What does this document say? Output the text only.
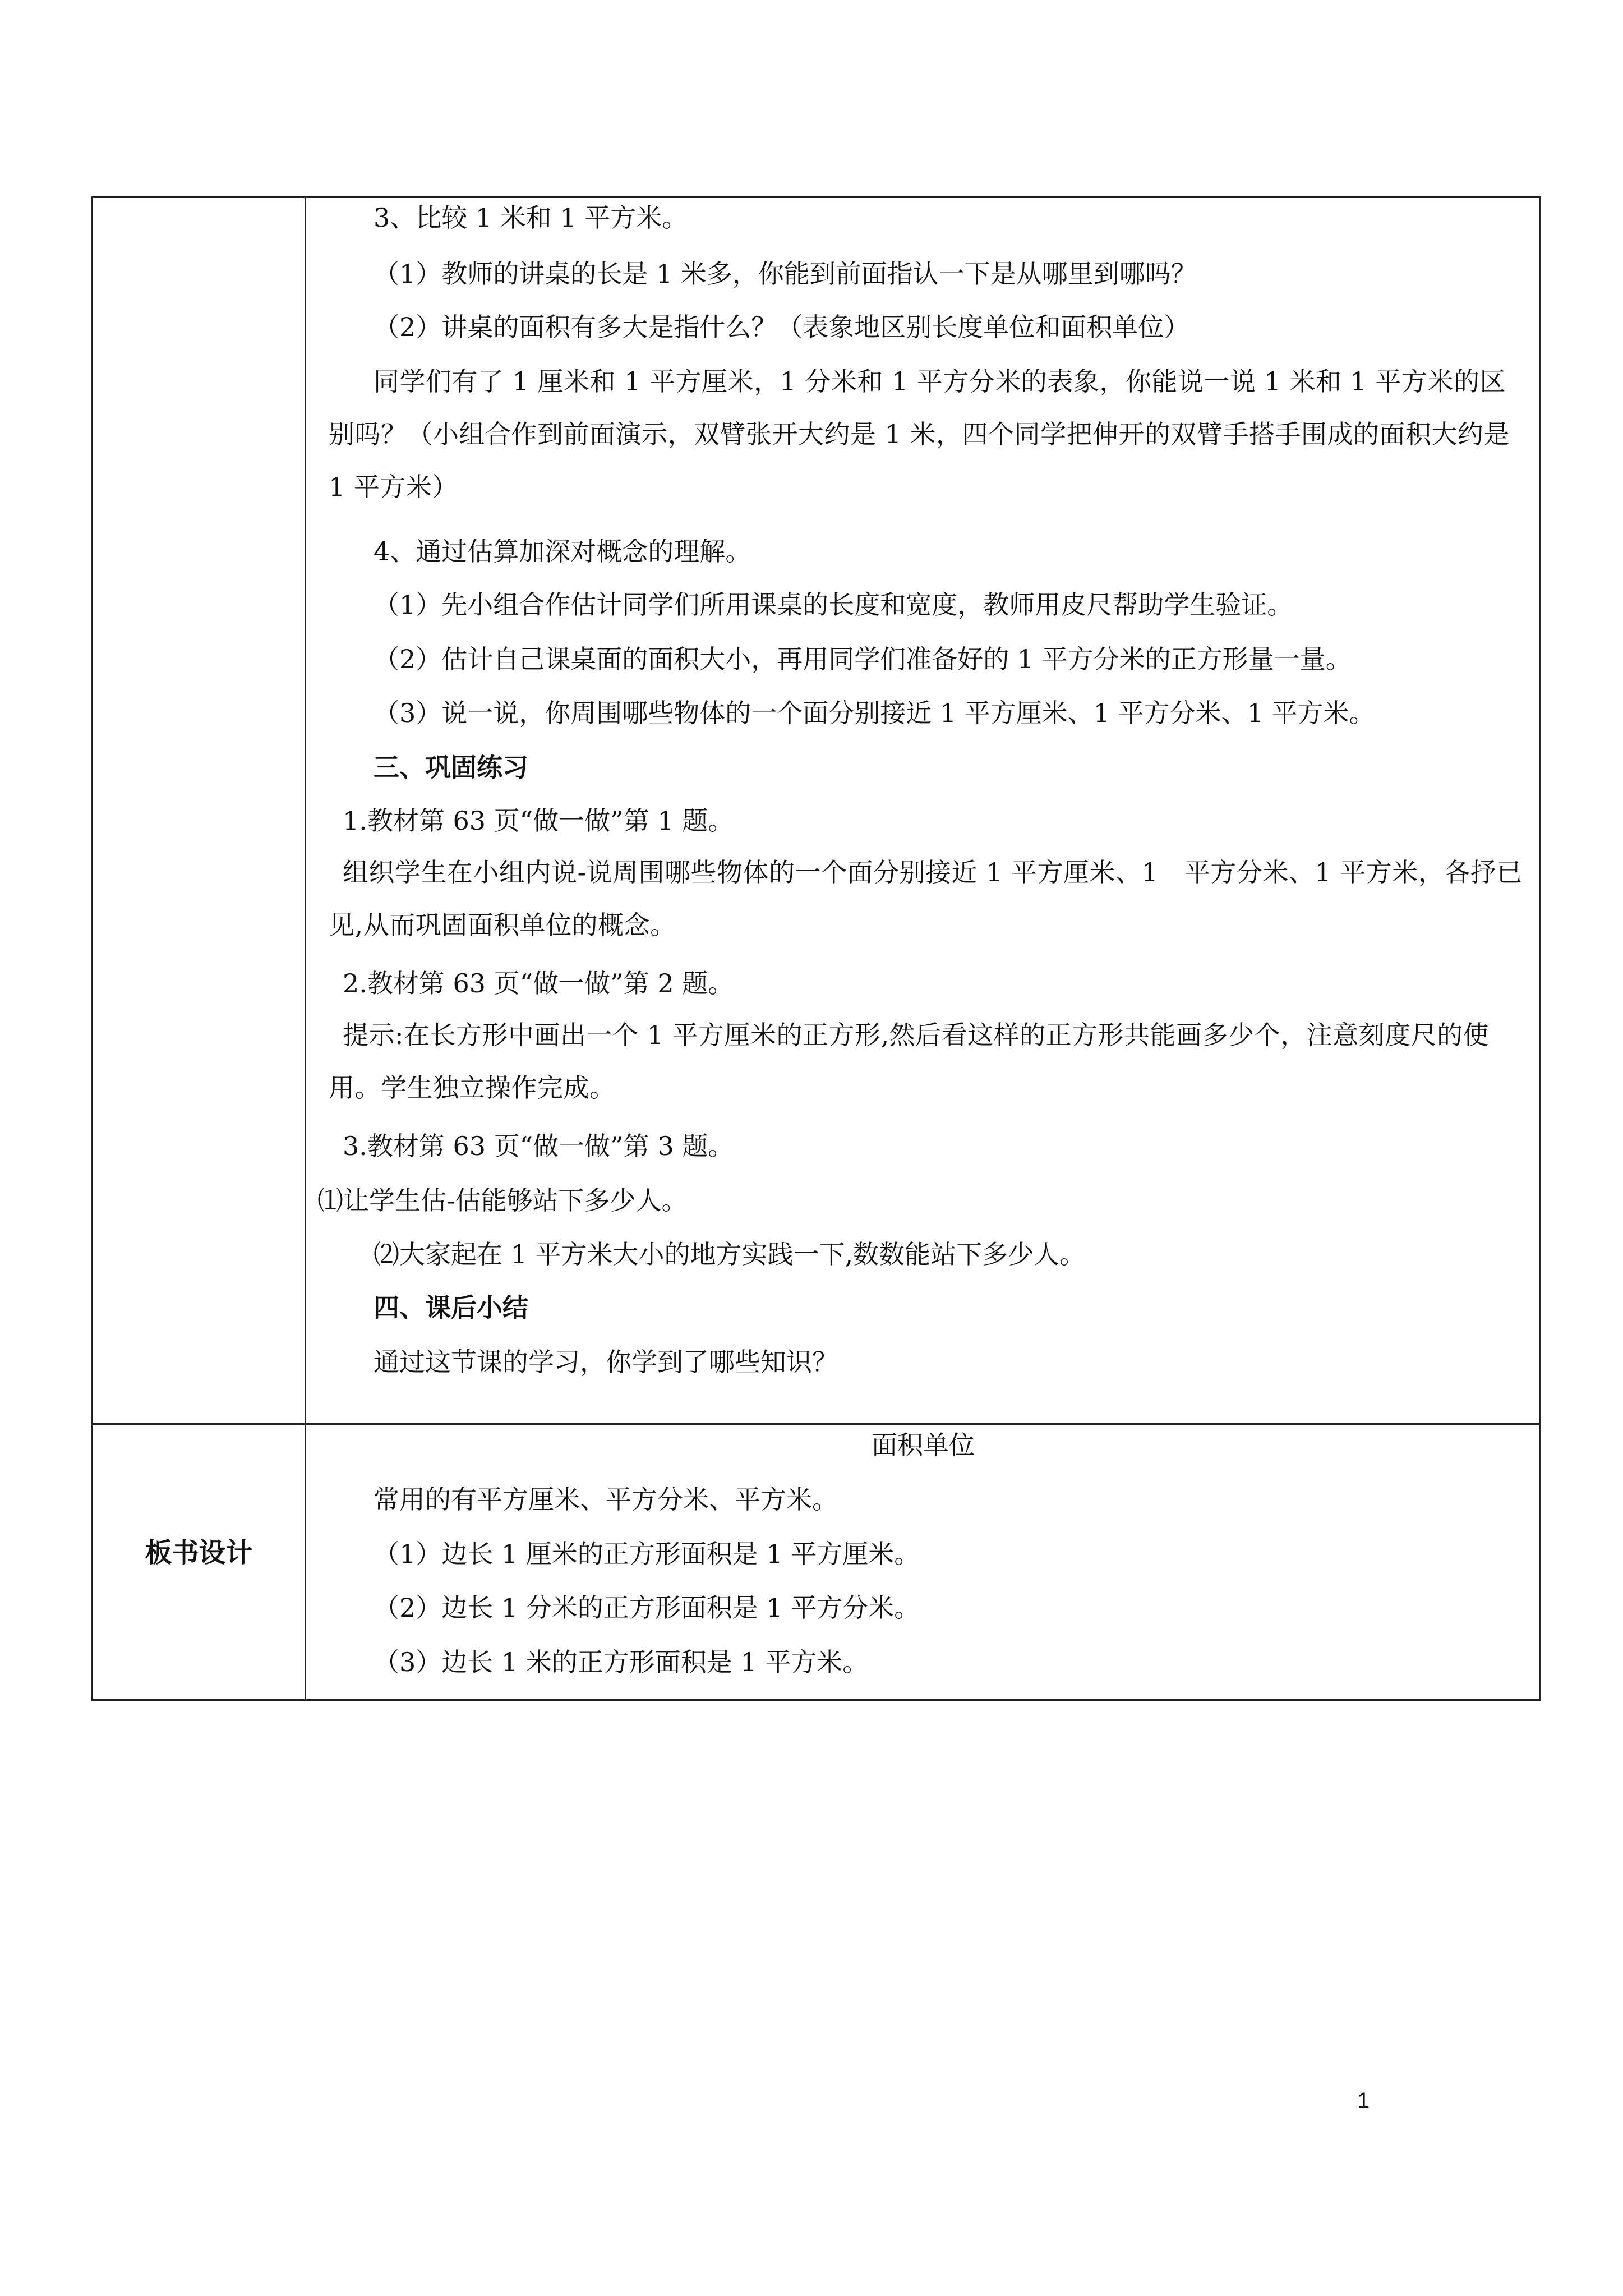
3、比较 1 米和 1 平方米。
（1）教师的讲桌的长是 1 米多，你能到前面指认一下是从哪里到哪吗？
（2）讲桌的面积有多大是指什么？（表象地区别长度单位和面积单位）
同学们有了 1 厘米和 1 平方厘米，1 分米和 1 平方分米的表象，你能说一说 1 米和 1 平方米的区别吗？（小组合作到前面演示，双臂张开大约是 1 米，四个同学把伸开的双臂手搭手围成的面积大约是 1 平方米）
4、通过估算加深对概念的理解。
（1）先小组合作估计同学们所用课桌的长度和宽度，教师用皮尺帮助学生验证。
（2）估计自己课桌面的面积大小，再用同学们准备好的 1 平方分米的正方形量一量。
（3）说一说，你周围哪些物体的一个面分别接近 1 平方厘米、1 平方分米、1 平方米。
三、巩固练习
1.教材第 63 页“做一做”第 1 题。
组织学生在小组内说-说周围哪些物体的一个面分别接近 1 平方厘米、1　平方分米、1 平方米，各抒已见,从而巩固面积单位的概念。
2.教材第 63 页“做一做”第 2 题。
提示:在长方形中画出一个 1 平方厘米的正方形,然后看这样的正方形共能画多少个，注意刻度尺的使用。学生独立操作完成。
3.教材第 63 页“做一做”第 3 题。
⑴让学生估-估能够站下多少人。
⑵大家起在 1 平方米大小的地方实践一下,数数能站下多少人。
四、课后小结
通过这节课的学习，你学到了哪些知识？
板书设计
面积单位
常用的有平方厘米、平方分米、平方米。
（1）边长 1 厘米的正方形面积是 1 平方厘米。
（2）边长 1 分米的正方形面积是 1 平方分米。
（3）边长 1 米的正方形面积是 1 平方米。
1
